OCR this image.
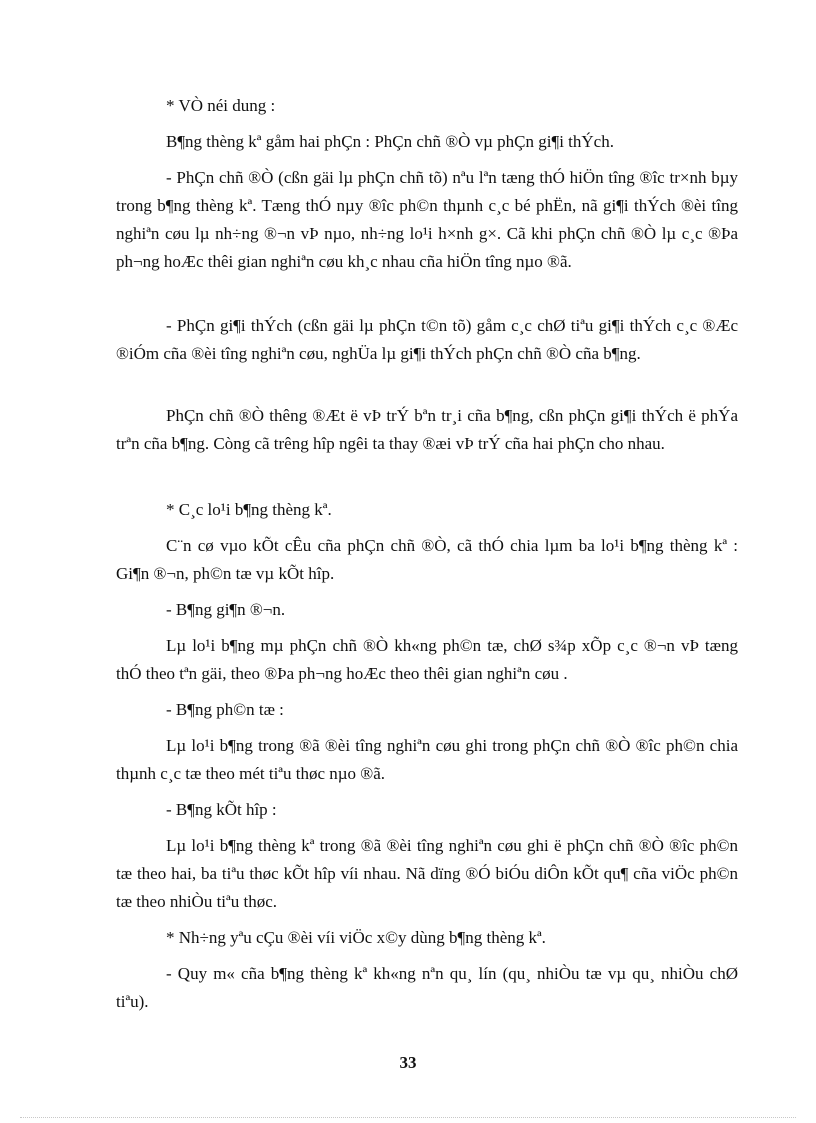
* VÒ néi dung :

B¶ng thèng kª gåm hai phÇn : PhÇn chñ ®Ò vµ phÇn gi¶i thÝch.

- PhÇn chñ ®Ò (cßn gäi lµ phÇn chñ tõ) nªu lªn tæng thÓ hiÖn tîng ®îc tr×nh bµy trong b¶ng thèng kª. Tæng thÓ nµy ®îc ph©n thµnh c¸c bé phËn, nã gi¶i thÝch ®èi tîng nghiªn cøu lµ nh÷ng ®¬n vÞ nµo, nh÷ng lo¹i h×nh g×. Cã khi phÇn chñ ®Ò lµ c¸c ®Þa ph¬ng hoÆc thêi gian nghiªn cøu kh¸c nhau cña hiÖn tîng nµo ®ã.

- PhÇn gi¶i thÝch (cßn gäi lµ phÇn t©n tõ) gåm c¸c chØ tiªu gi¶i thÝch c¸c ®Æc ®iÓm cña ®èi tîng nghiªn cøu, nghÜa lµ gi¶i thÝch phÇn chñ ®Ò cña b¶ng.

PhÇn chñ ®Ò thêng ®Æt ë vÞ trÝ bªn tr¸i cña b¶ng, cßn phÇn gi¶i thÝch ë phÝa trªn cña b¶ng. Còng cã trêng hîp ngêi ta thay ®æi vÞ trÝ cña hai phÇn cho nhau.

* C¸c lo¹i b¶ng thèng kª.

C¨n cø vµo kÕt cÊu cña phÇn chñ ®Ò, cã thÓ chia lµm ba lo¹i b¶ng thèng kª : Gi¶n ®¬n, ph©n tæ vµ kÕt hîp.

- B¶ng gi¶n ®¬n.

Lµ lo¹i b¶ng mµ phÇn chñ ®Ò kh«ng ph©n tæ, chØ s¾p xÕp c¸c ®¬n vÞ tæng thÓ theo tªn gäi, theo ®Þa ph¬ng hoÆc theo thêi gian nghiªn cøu .

- B¶ng ph©n tæ :

Lµ lo¹i b¶ng trong ®ã ®èi tîng nghiªn cøu ghi trong phÇn chñ ®Ò ®îc ph©n chia thµnh c¸c tæ theo mét tiªu thøc nµo ®ã.

- B¶ng kÕt hîp :

Lµ lo¹i b¶ng thèng kª trong ®ã ®èi tîng nghiªn cøu ghi ë phÇn chñ ®Ò ®îc ph©n tæ theo hai, ba tiªu thøc kÕt hîp víi nhau. Nã dïng ®Ó biÓu diÔn kÕt qu¶ cña viÖc ph©n tæ theo nhiÒu tiªu thøc.

* Nh÷ng yªu cÇu ®èi víi viÖc x©y dùng b¶ng thèng kª.

- Quy m« cña b¶ng thèng kª kh«ng nªn qu¸ lín (qu¸ nhiÒu tæ vµ qu¸ nhiÒu chØ tiªu).

33
